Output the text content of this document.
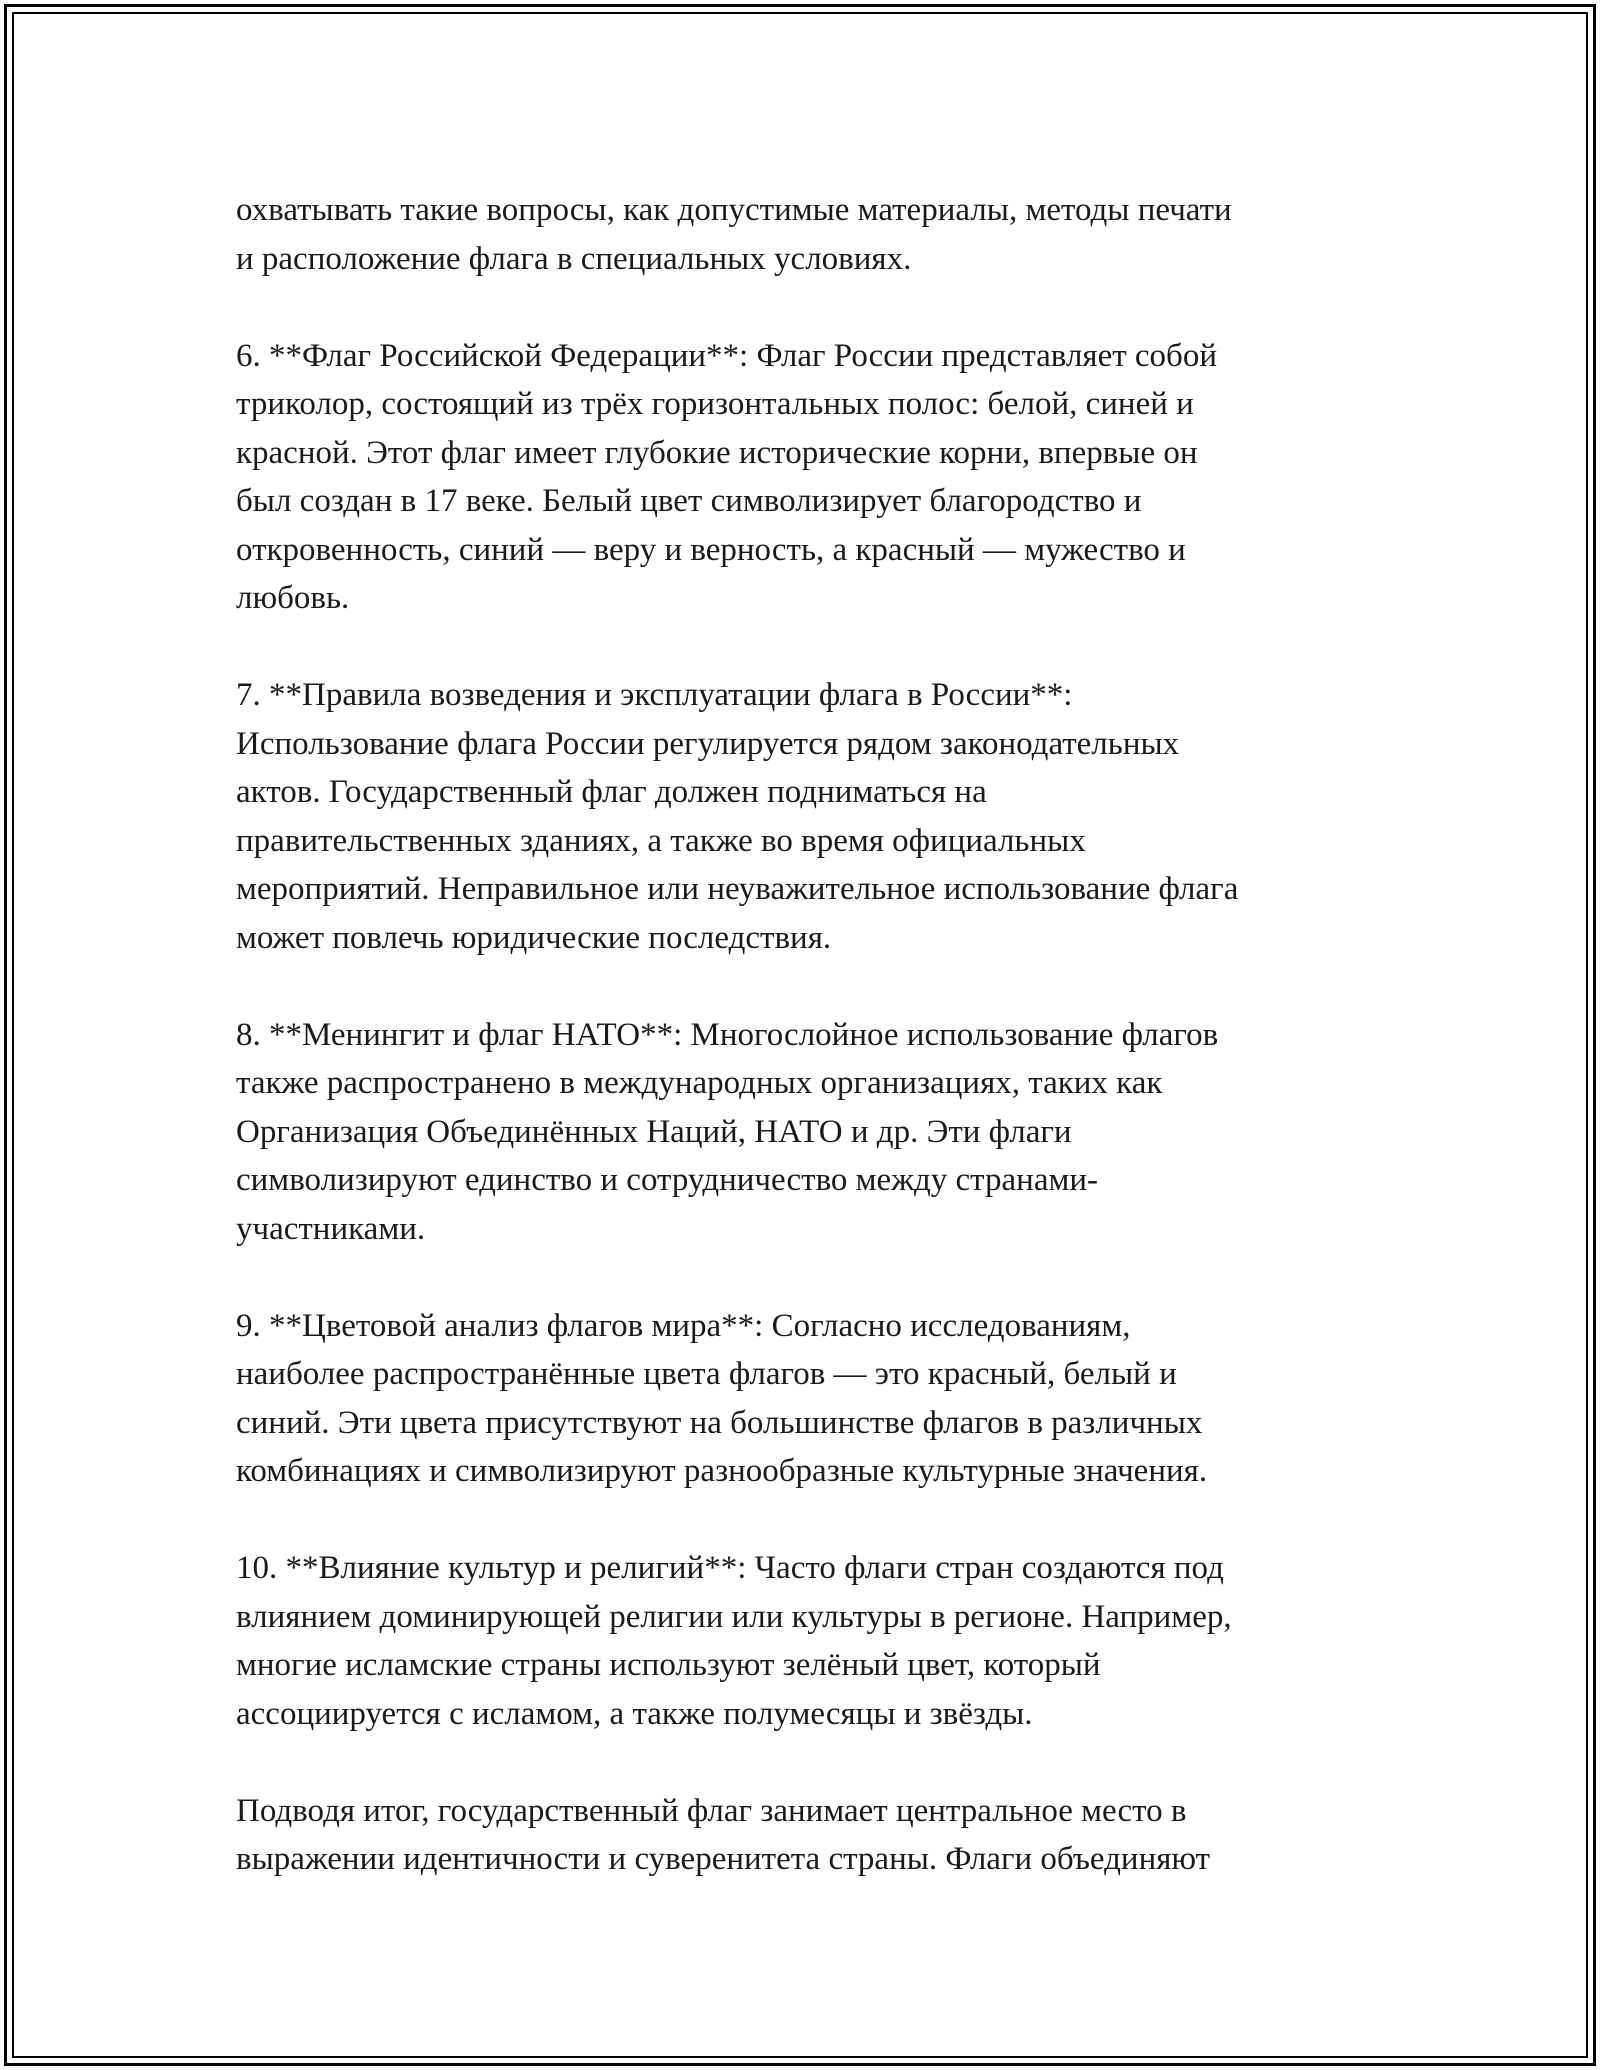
охватывать такие вопросы, как допустимые материалы, методы печати
и расположение флага в специальных условиях.

6. **Флаг Российской Федерации**: Флаг России представляет собой
триколор, состоящий из трёх горизонтальных полос: белой, синей и
красной. Этот флаг имеет глубокие исторические корни, впервые он
был создан в 17 веке. Белый цвет символизирует благородство и
откровенность, синий — веру и верность, а красный — мужество и
любовь.

7. **Правила возведения и эксплуатации флага в России**:
Использование флага России регулируется рядом законодательных
актов. Государственный флаг должен подниматься на
правительственных зданиях, а также во время официальных
мероприятий. Неправильное или неуважительное использование флага
может повлечь юридические последствия.

8. **Менингит и флаг НАТО**: Многослойное использование флагов
также распространено в международных организациях, таких как
Организация Объединённых Наций, НАТО и др. Эти флаги
символизируют единство и сотрудничество между странами-
участниками.

9. **Цветовой анализ флагов мира**: Согласно исследованиям,
наиболее распространённые цвета флагов — это красный, белый и
синий. Эти цвета присутствуют на большинстве флагов в различных
комбинациях и символизируют разнообразные культурные значения.

10. **Влияние культур и религий**: Часто флаги стран создаются под
влиянием доминирующей религии или культуры в регионе. Например,
многие исламские страны используют зелёный цвет, который
ассоциируется с исламом, а также полумесяцы и звёзды.

Подводя итог, государственный флаг занимает центральное место в
выражении идентичности и суверенитета страны. Флаги объединяют
